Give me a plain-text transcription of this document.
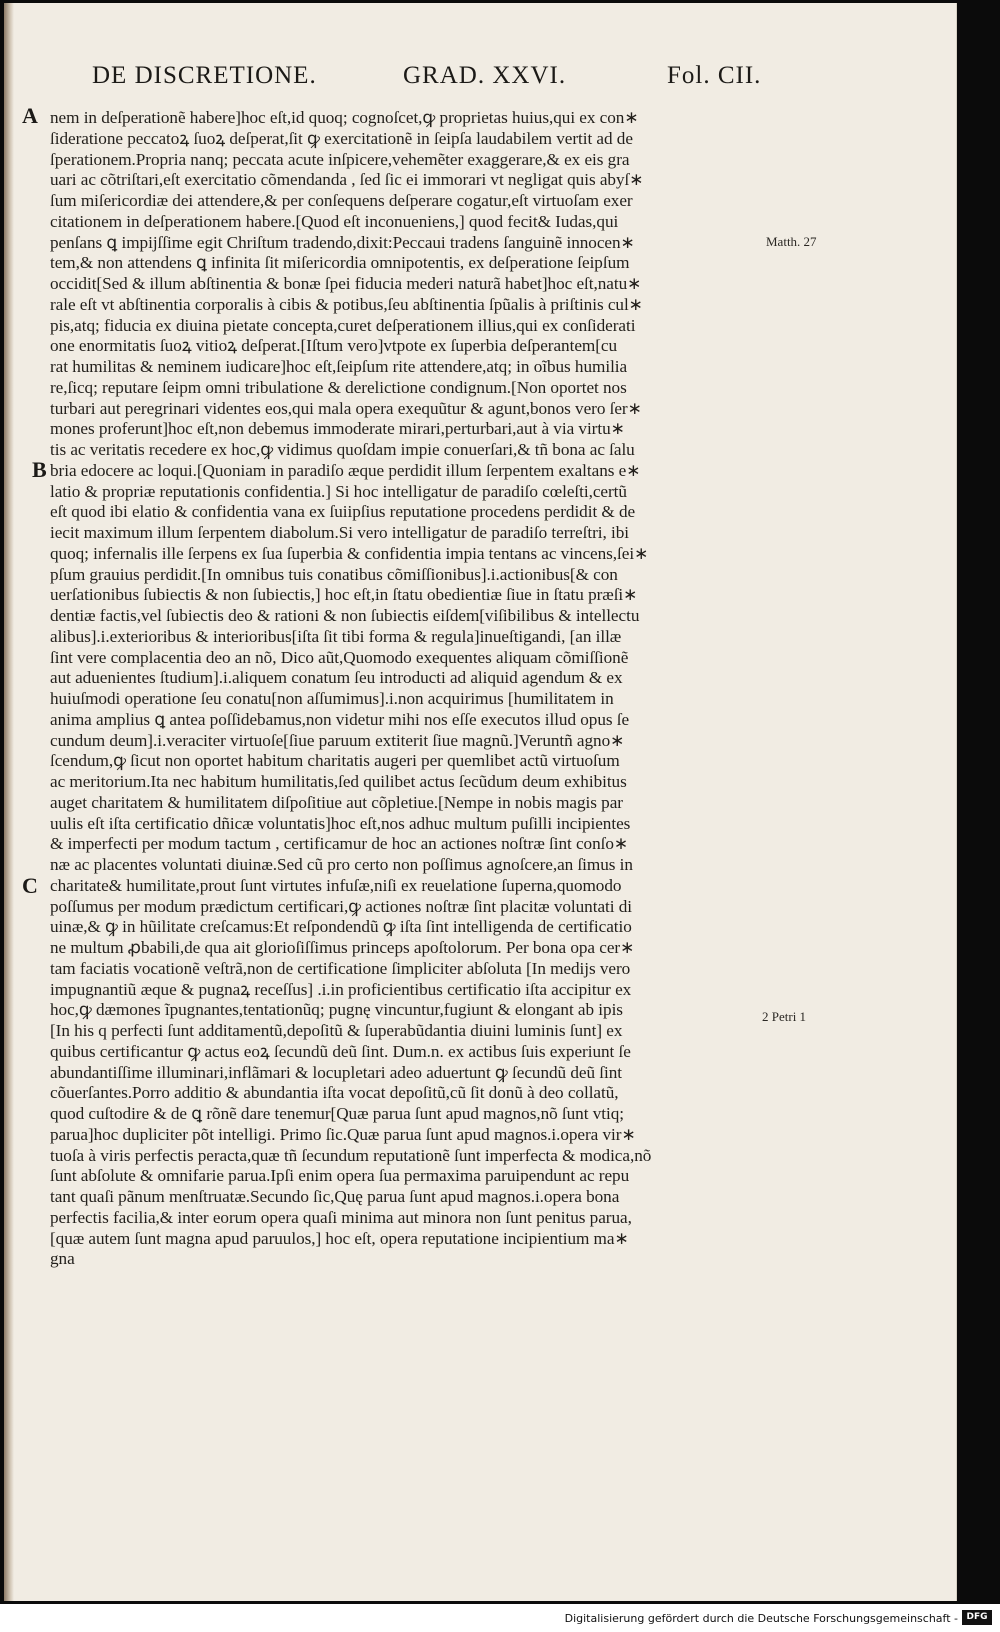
DE DISCRETIONE.	GRAD. XXVI.	Fol. CII.
A
B
C
Matth. 27
2 Petri 1
nem in deſperationẽ habere]hoc eſt,id quoq; cognoſcet,ꝙ proprietas huius,qui ex con∗
ſideratione peccatoꝝ ſuoꝝ deſperat,ſit ꝙ exercitationẽ in ſeipſa laudabilem vertit ad de
ſperationem.Propria nanq; peccata acute inſpicere,vehemẽter exaggerare,& ex eis gra
uari ac cõtriſtari,eſt exercitatio cõmendanda , ſed ſic ei immorari vt negligat quis abyſ∗
ſum miſericordiæ dei attendere,& per conſequens deſperare cogatur,eſt virtuoſam exer
citationem in deſperationem habere.[Quod eſt inconueniens,] quod fecit& Iudas,qui
penſans ꝗ impijſſime egit Chriſtum tradendo,dixit:Peccaui tradens ſanguinẽ innocen∗
tem,& non attendens ꝗ infinita ſit miſericordia omnipotentis, ex deſperatione ſeipſum
occidit[Sed & illum abſtinentia & bonæ ſpei fiducia mederi naturã habet]hoc eſt,natu∗
rale eſt vt abſtinentia corporalis à cibis & potibus,ſeu abſtinentia ſpũalis à priſtinis cul∗
pis,atq; fiducia ex diuina pietate concepta,curet deſperationem illius,qui ex conſiderati
one enormitatis ſuoꝝ vitioꝝ deſperat.[Iſtum vero]vtpote ex ſuperbia deſperantem[cu
rat humilitas & neminem iudicare]hoc eſt,ſeipſum rite attendere,atq; in oĩbus humilia
re,ſicq; reputare ſeipm omni tribulatione & derelictione condignum.[Non oportet nos
turbari aut peregrinari videntes eos,qui mala opera exequũtur & agunt,bonos vero ſer∗
mones proferunt]hoc eſt,non debemus immoderate mirari,perturbari,aut à via virtu∗
tis ac veritatis recedere ex hoc,ꝙ vidimus quoſdam impie conuerſari,& tñ bona ac ſalu
bria edocere ac loqui.[Quoniam in paradiſo æque perdidit illum ſerpentem exaltans e∗
latio & propriæ reputationis confidentia.] Si hoc intelligatur de paradiſo cœleſti,certũ
eſt quod ibi elatio & confidentia vana ex ſuiipſius reputatione procedens perdidit & de
iecit maximum illum ſerpentem diabolum.Si vero intelligatur de paradiſo terreſtri, ibi
quoq; infernalis ille ſerpens ex ſua ſuperbia & confidentia impia tentans ac vincens,ſei∗
pſum grauius perdidit.[In omnibus tuis conatibus cõmiſſionibus].i.actionibus[& con
uerſationibus ſubiectis & non ſubiectis,] hoc eſt,in ſtatu obedientiæ ſiue in ſtatu præſi∗
dentiæ factis,vel ſubiectis deo & rationi & non ſubiectis eiſdem[viſibilibus & intellectu
alibus].i.exterioribus & interioribus[iſta ſit tibi forma & regula]inueſtigandi, [an illæ
ſint vere complacentia deo an nõ, Dico aũt,Quomodo exequentes aliquam cõmiſſionẽ
aut aduenientes ſtudium].i.aliquem conatum ſeu introducti ad aliquid agendum & ex
huiuſmodi operatione ſeu conatu[non aſſumimus].i.non acquirimus [humilitatem in
anima amplius ꝗ antea poſſidebamus,non videtur mihi nos eſſe executos illud opus ſe
cundum deum].i.veraciter virtuoſe[ſiue paruum extiterit ſiue magnũ.]Veruntñ agno∗
ſcendum,ꝙ ſicut non oportet habitum charitatis augeri per quemlibet actũ virtuoſum
ac meritorium.Ita nec habitum humilitatis,ſed quilibet actus ſecũdum deum exhibitus
auget charitatem & humilitatem diſpoſitiue aut cõpletiue.[Nempe in nobis magis par
uulis eſt iſta certificatio dñicæ voluntatis]hoc eſt,nos adhuc multum puſilli incipientes
& imperfecti per modum tactum , certificamur de hoc an actiones noſtræ ſint conſo∗
næ ac placentes voluntati diuinæ.Sed cũ pro certo non poſſimus agnoſcere,an ſimus in
charitate& humilitate,prout ſunt virtutes infuſæ,niſi ex reuelatione ſuperna,quomodo
poſſumus per modum prædictum certificari,ꝙ actiones noſtræ ſint placitæ voluntati di
uinæ,& ꝙ in hũilitate creſcamus:Et reſpondendũ ꝙ iſta ſint intelligenda de certificatio
ne multum ꝓbabili,de qua ait glorioſiſſimus princeps apoſtolorum. Per bona opa cer∗
tam faciatis vocationẽ veſtrã,non de certificatione ſimpliciter abſoluta [In medijs vero
impugnantiũ æque & pugnaꝝ receſſus] .i.in proficientibus certificatio iſta accipitur ex
hoc,ꝙ dæmones ĩpugnantes,tentationũq; pugnę vincuntur,fugiunt & elongant ab ipis
[In his q perfecti ſunt additamentũ,depoſitũ & ſuperabũdantia diuini luminis ſunt] ex
quibus certificantur ꝙ actus eoꝝ ſecundũ deũ ſint. Dum.n. ex actibus ſuis experiunt ſe
abundantiſſime illuminari,inflãmari & locupletari adeo aduertunt ꝙ ſecundũ deũ ſint
cõuerſantes.Porro additio & abundantia iſta vocat depoſitũ,cũ ſit donũ à deo collatũ,
quod cuſtodire & de ꝗ rõnẽ dare tenemur[Quæ parua ſunt apud magnos,nõ ſunt vtiq;
parua]hoc dupliciter põt intelligi. Primo ſic.Quæ parua ſunt apud magnos.i.opera vir∗
tuoſa à viris perfectis peracta,quæ tñ ſecundum reputationẽ ſunt imperfecta & modica,nõ
ſunt abſolute & omnifarie parua.Ipſi enim opera ſua permaxima paruipendunt ac repu
tant quaſi pãnum menſtruatæ.Secundo ſic,Quę parua ſunt apud magnos.i.opera bona
perfectis facilia,& inter eorum opera quaſi minima aut minora non ſunt penitus parua,
[quæ autem ſunt magna apud paruulos,] hoc eſt, opera reputatione incipientium ma∗
gna
Digitalisierung gefördert durch die Deutsche Forschungsgemeinschaft - DFG
